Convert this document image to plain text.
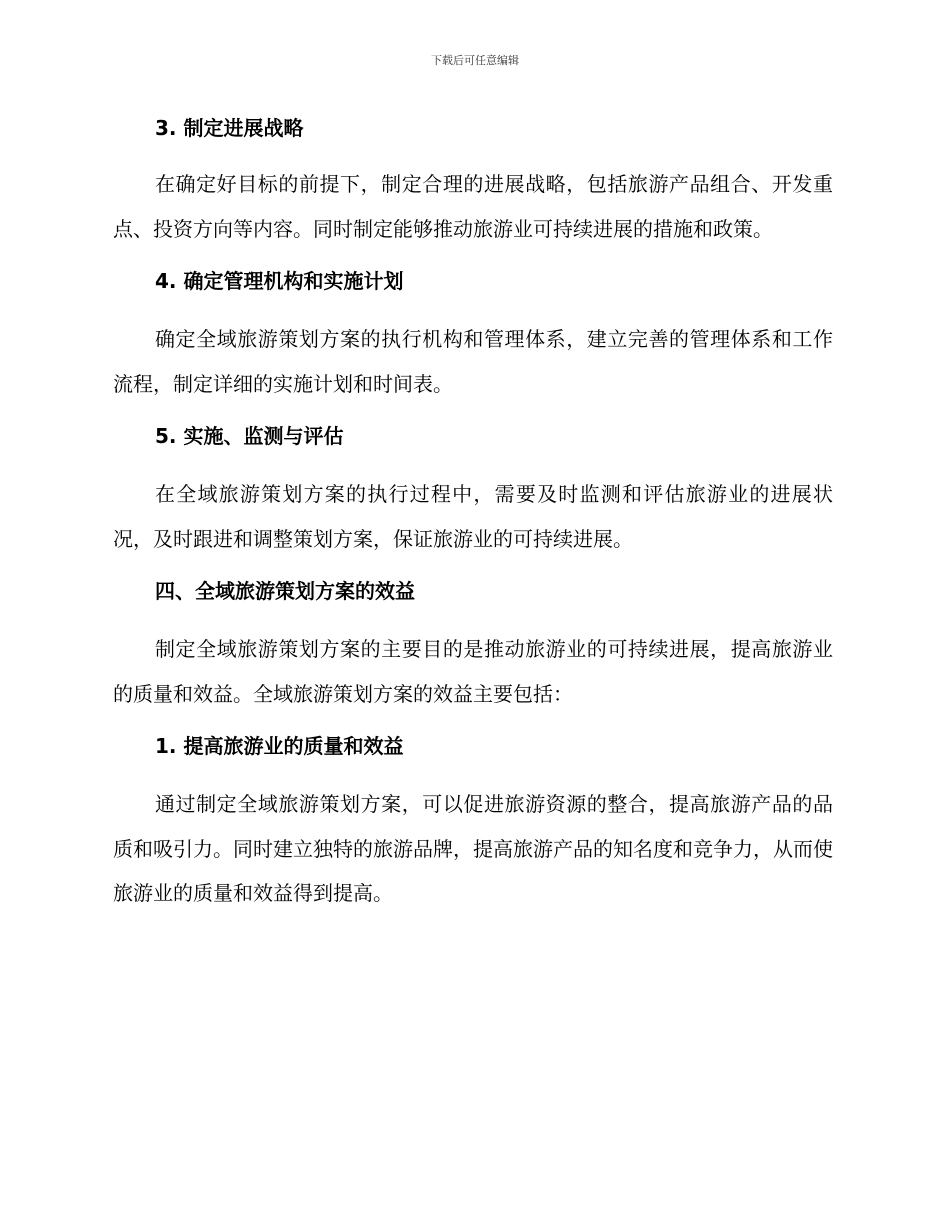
下载后可任意编辑
3. 制定进展战略

在确定好目标的前提下，制定合理的进展战略，包括旅游产品组合、开发重点、投资方向等内容。同时制定能够推动旅游业可持续进展的措施和政策。

4. 确定管理机构和实施计划

确定全域旅游策划方案的执行机构和管理体系，建立完善的管理体系和工作流程，制定详细的实施计划和时间表。

5. 实施、监测与评估

在全域旅游策划方案的执行过程中，需要及时监测和评估旅游业的进展状况，及时跟进和调整策划方案，保证旅游业的可持续进展。

四、全域旅游策划方案的效益

制定全域旅游策划方案的主要目的是推动旅游业的可持续进展，提高旅游业的质量和效益。全域旅游策划方案的效益主要包括：

1. 提高旅游业的质量和效益

通过制定全域旅游策划方案，可以促进旅游资源的整合，提高旅游产品的品质和吸引力。同时建立独特的旅游品牌，提高旅游产品的知名度和竞争力，从而使旅游业的质量和效益得到提高。
